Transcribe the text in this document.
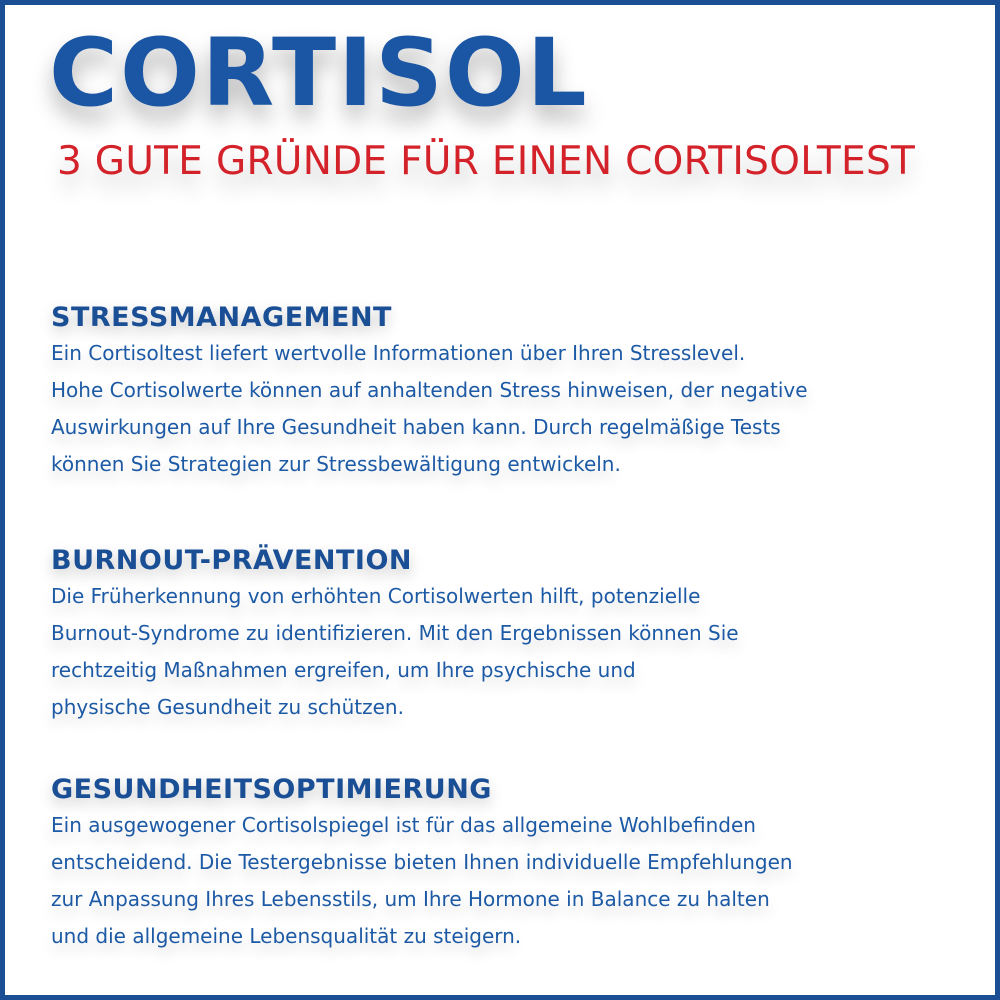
CORTISOL

3 GUTE GRÜNDE FÜR EINEN CORTISOLTEST

STRESSMANAGEMENT
Ein Cortisoltest liefert wertvolle Informationen über Ihren Stresslevel.
Hohe Cortisolwerte können auf anhaltenden Stress hinweisen, der negative
Auswirkungen auf Ihre Gesundheit haben kann. Durch regelmäßige Tests
können Sie Strategien zur Stressbewältigung entwickeln.
BURNOUT-PRÄVENTION
Die Früherkennung von erhöhten Cortisolwerten hilft, potenzielle
Burnout-Syndrome zu identifizieren. Mit den Ergebnissen können Sie
rechtzeitig Maßnahmen ergreifen, um Ihre psychische und
physische Gesundheit zu schützen.
GESUNDHEITSOPTIMIERUNG
Ein ausgewogener Cortisolspiegel ist für das allgemeine Wohlbefinden
entscheidend. Die Testergebnisse bieten Ihnen individuelle Empfehlungen
zur Anpassung Ihres Lebensstils, um Ihre Hormone in Balance zu halten
und die allgemeine Lebensqualität zu steigern.
